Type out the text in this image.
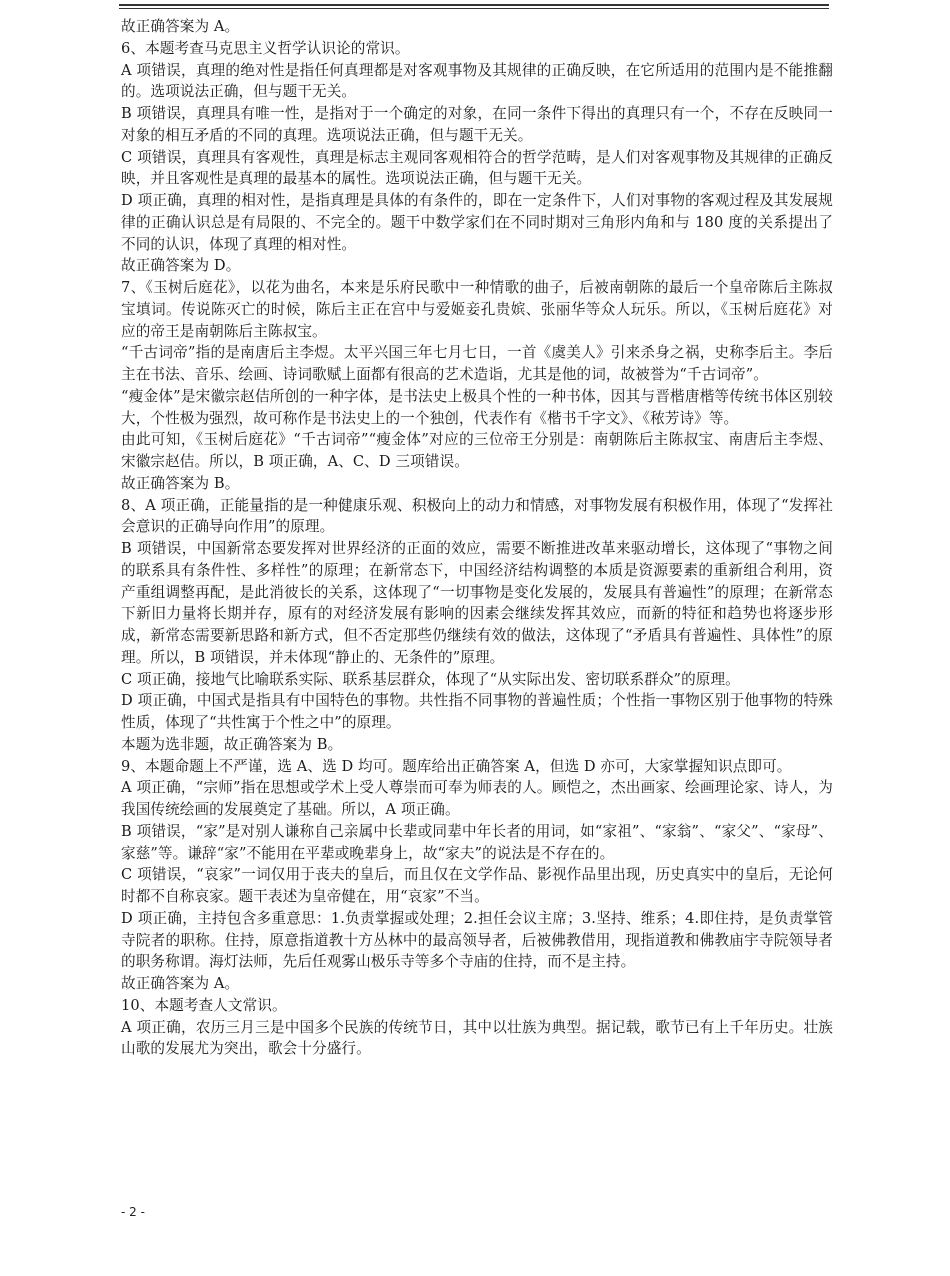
故正确答案为 A。

6、本题考查马克思主义哲学认识论的常识。

A 项错误，真理的绝对性是指任何真理都是对客观事物及其规律的正确反映，在它所适用的范围内是不能推翻的。选项说法正确，但与题干无关。

B 项错误，真理具有唯一性，是指对于一个确定的对象，在同一条件下得出的真理只有一个，不存在反映同一对象的相互矛盾的不同的真理。选项说法正确，但与题干无关。

C 项错误，真理具有客观性，真理是标志主观同客观相符合的哲学范畴，是人们对客观事物及其规律的正确反映，并且客观性是真理的最基本的属性。选项说法正确，但与题干无关。

D 项正确，真理的相对性，是指真理是具体的有条件的，即在一定条件下，人们对事物的客观过程及其发展规律的正确认识总是有局限的、不完全的。题干中数学家们在不同时期对三角形内角和与 180 度的关系提出了不同的认识，体现了真理的相对性。

故正确答案为 D。

7、《玉树后庭花》，以花为曲名，本来是乐府民歌中一种情歌的曲子，后被南朝陈的最后一个皇帝陈后主陈叔宝填词。传说陈灭亡的时候，陈后主正在宫中与爱姬妾孔贵嫔、张丽华等众人玩乐。所以，《玉树后庭花》对应的帝王是南朝陈后主陈叔宝。

“千古词帝”指的是南唐后主李煜。太平兴国三年七月七日，一首《虞美人》引来杀身之祸，史称李后主。李后主在书法、音乐、绘画、诗词歌赋上面都有很高的艺术造诣，尤其是他的词，故被誉为“千古词帝”。

“瘦金体”是宋徽宗赵佶所创的一种字体，是书法史上极具个性的一种书体，因其与晋楷唐楷等传统书体区别较大，个性极为强烈，故可称作是书法史上的一个独创，代表作有《楷书千字文》、《秾芳诗》等。

由此可知，《玉树后庭花》“千古词帝”“瘦金体”对应的三位帝王分别是：南朝陈后主陈叔宝、南唐后主李煜、宋徽宗赵佶。所以，B 项正确，A、C、D 三项错误。

故正确答案为 B。

8、A 项正确，正能量指的是一种健康乐观、积极向上的动力和情感，对事物发展有积极作用，体现了“发挥社会意识的正确导向作用”的原理。

B 项错误，中国新常态要发挥对世界经济的正面的效应，需要不断推进改革来驱动增长，这体现了“事物之间的联系具有条件性、多样性”的原理；在新常态下，中国经济结构调整的本质是资源要素的重新组合利用，资产重组调整再配，是此消彼长的关系，这体现了“一切事物是变化发展的，发展具有普遍性”的原理；在新常态下新旧力量将长期并存，原有的对经济发展有影响的因素会继续发挥其效应，而新的特征和趋势也将逐步形成，新常态需要新思路和新方式，但不否定那些仍继续有效的做法，这体现了“矛盾具有普遍性、具体性”的原理。所以，B 项错误，并未体现“静止的、无条件的”原理。

C 项正确，接地气比喻联系实际、联系基层群众，体现了“从实际出发、密切联系群众”的原理。

D 项正确，中国式是指具有中国特色的事物。共性指不同事物的普遍性质；个性指一事物区别于他事物的特殊性质，体现了“共性寓于个性之中”的原理。

本题为选非题，故正确答案为 B。

9、本题命题上不严谨，选 A、选 D 均可。题库给出正确答案 A，但选 D 亦可，大家掌握知识点即可。

A 项正确，“宗师”指在思想或学术上受人尊崇而可奉为师表的人。顾恺之，杰出画家、绘画理论家、诗人，为我国传统绘画的发展奠定了基础。所以，A 项正确。

B 项错误，“家”是对别人谦称自己亲属中长辈或同辈中年长者的用词，如“家祖”、“家翁”、“家父”、“家母”、家慈”等。谦辞“家”不能用在平辈或晚辈身上，故“家夫”的说法是不存在的。

C 项错误，“哀家”一词仅用于丧夫的皇后，而且仅在文学作品、影视作品里出现，历史真实中的皇后，无论何时都不自称哀家。题干表述为皇帝健在，用“哀家”不当。

D 项正确，主持包含多重意思：1.负责掌握或处理；2.担任会议主席；3.坚持、维系；4.即住持，是负责掌管寺院者的职称。住持，原意指道教十方丛林中的最高领导者，后被佛教借用，现指道教和佛教庙宇寺院领导者的职务称谓。海灯法师，先后任观雾山极乐寺等多个寺庙的住持，而不是主持。

故正确答案为 A。

10、本题考查人文常识。

A 项正确，农历三月三是中国多个民族的传统节日，其中以壮族为典型。据记载，歌节已有上千年历史。壮族山歌的发展尤为突出，歌会十分盛行。

- 2 -
